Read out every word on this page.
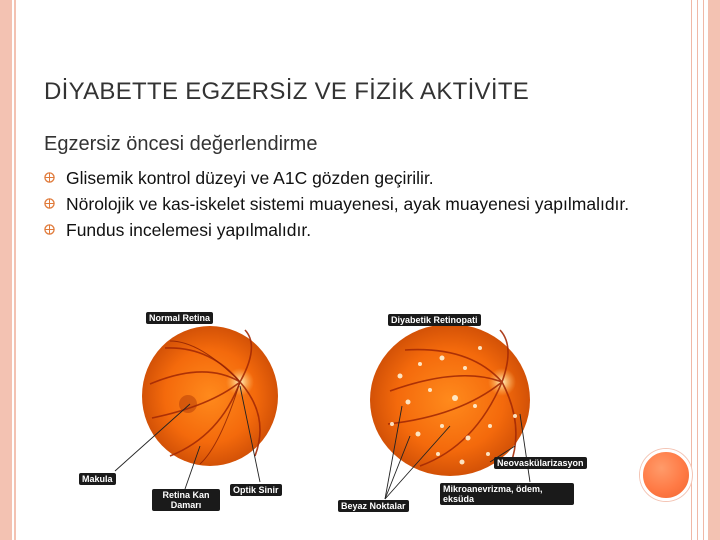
DİYABETTE EGZERSİZ VE FİZİK AKTİVİTE
Egzersiz öncesi değerlendirme
Glisemik kontrol düzeyi ve A1C gözden geçirilir.
Nörolojik ve kas-iskelet sistemi muayenesi, ayak muayenesi yapılmalıdır.
Fundus incelemesi yapılmalıdır.
Normal Retina	Diyabetik Retinopati
Makula
Retina Kan Damarı
Optik Sinir
Beyaz Noktalar
Neovaskülarizasyon
Mikroanevrizma, ödem, eksüda
